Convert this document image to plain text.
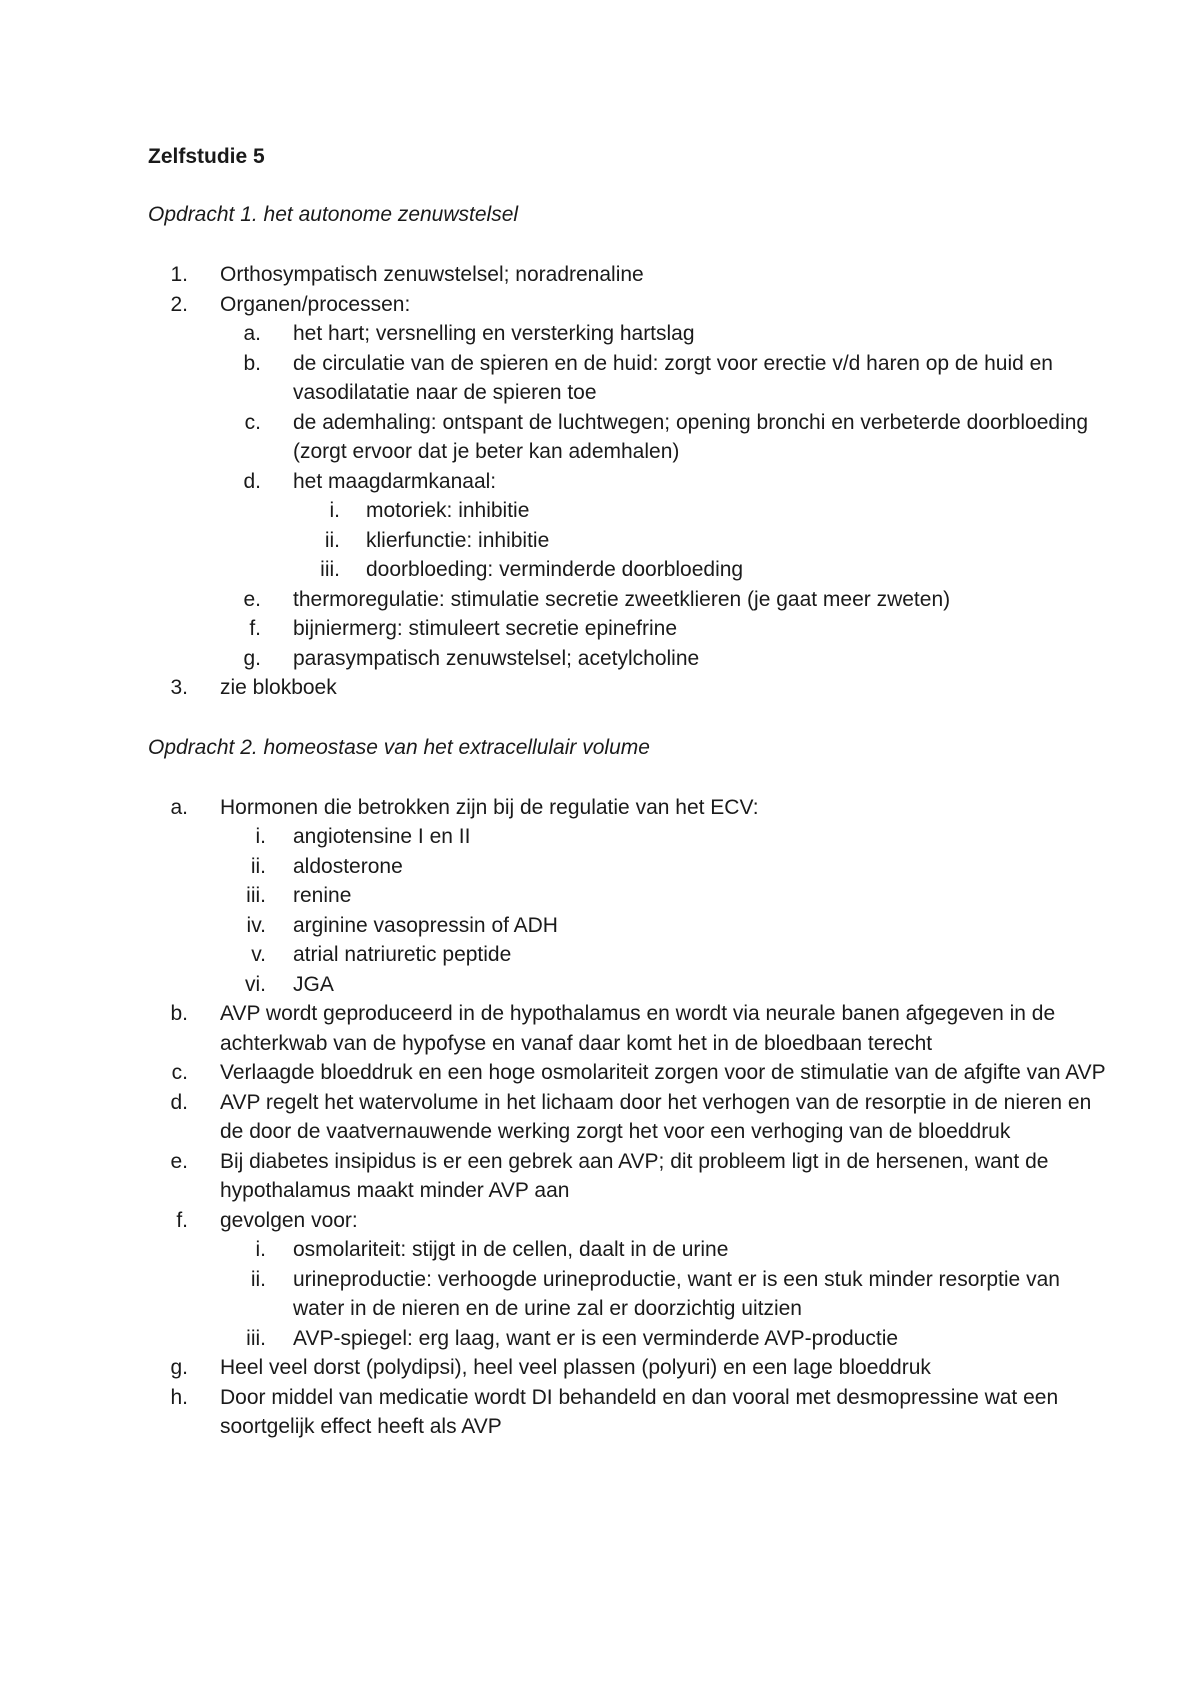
Zelfstudie 5
Opdracht 1. het autonome zenuwstelsel
1. Orthosympatisch zenuwstelsel; noradrenaline
2. Organen/processen:
a. het hart; versnelling en versterking hartslag
b. de circulatie van de spieren en de huid: zorgt voor erectie v/d haren op de huid en vasodilatatie naar de spieren toe
c. de ademhaling: ontspant de luchtwegen; opening bronchi en verbeterde doorbloeding (zorgt ervoor dat je beter kan ademhalen)
d. het maagdarmkanaal:
i. motoriek: inhibitie
ii. klierfunctie: inhibitie
iii. doorbloeding: verminderde doorbloeding
e. thermoregulatie: stimulatie secretie zweetklieren (je gaat meer zweten)
f. bijniermerg: stimuleert secretie epinefrine
g. parasympatisch zenuwstelsel; acetylcholine
3. zie blokboek
Opdracht 2. homeostase van het extracellulair volume
a. Hormonen die betrokken zijn bij de regulatie van het ECV:
i. angiotensine I en II
ii. aldosterone
iii. renine
iv. arginine vasopressin of ADH
v. atrial natriuretic peptide
vi. JGA
b. AVP wordt geproduceerd in de hypothalamus en wordt via neurale banen afgegeven in de achterkwab van de hypofyse en vanaf daar komt het in de bloedbaan terecht
c. Verlaagde bloeddruk en een hoge osmolariteit zorgen voor de stimulatie van de afgifte van AVP
d. AVP regelt het watervolume in het lichaam door het verhogen van de resorptie in de nieren en de door de vaatvernauwende werking zorgt het voor een verhoging van de bloeddruk
e. Bij diabetes insipidus is er een gebrek aan AVP; dit probleem ligt in de hersenen, want de hypothalamus maakt minder AVP aan
f. gevolgen voor:
i. osmolariteit: stijgt in de cellen, daalt in de urine
ii. urineproductie: verhoogde urineproductie, want er is een stuk minder resorptie van water in de nieren en de urine zal er doorzichtig uitzien
iii. AVP-spiegel: erg laag, want er is een verminderde AVP-productie
g. Heel veel dorst (polydipsi), heel veel plassen (polyuri) en een lage bloeddruk
h. Door middel van medicatie wordt DI behandeld en dan vooral met desmopressine wat een soortgelijk effect heeft als AVP
